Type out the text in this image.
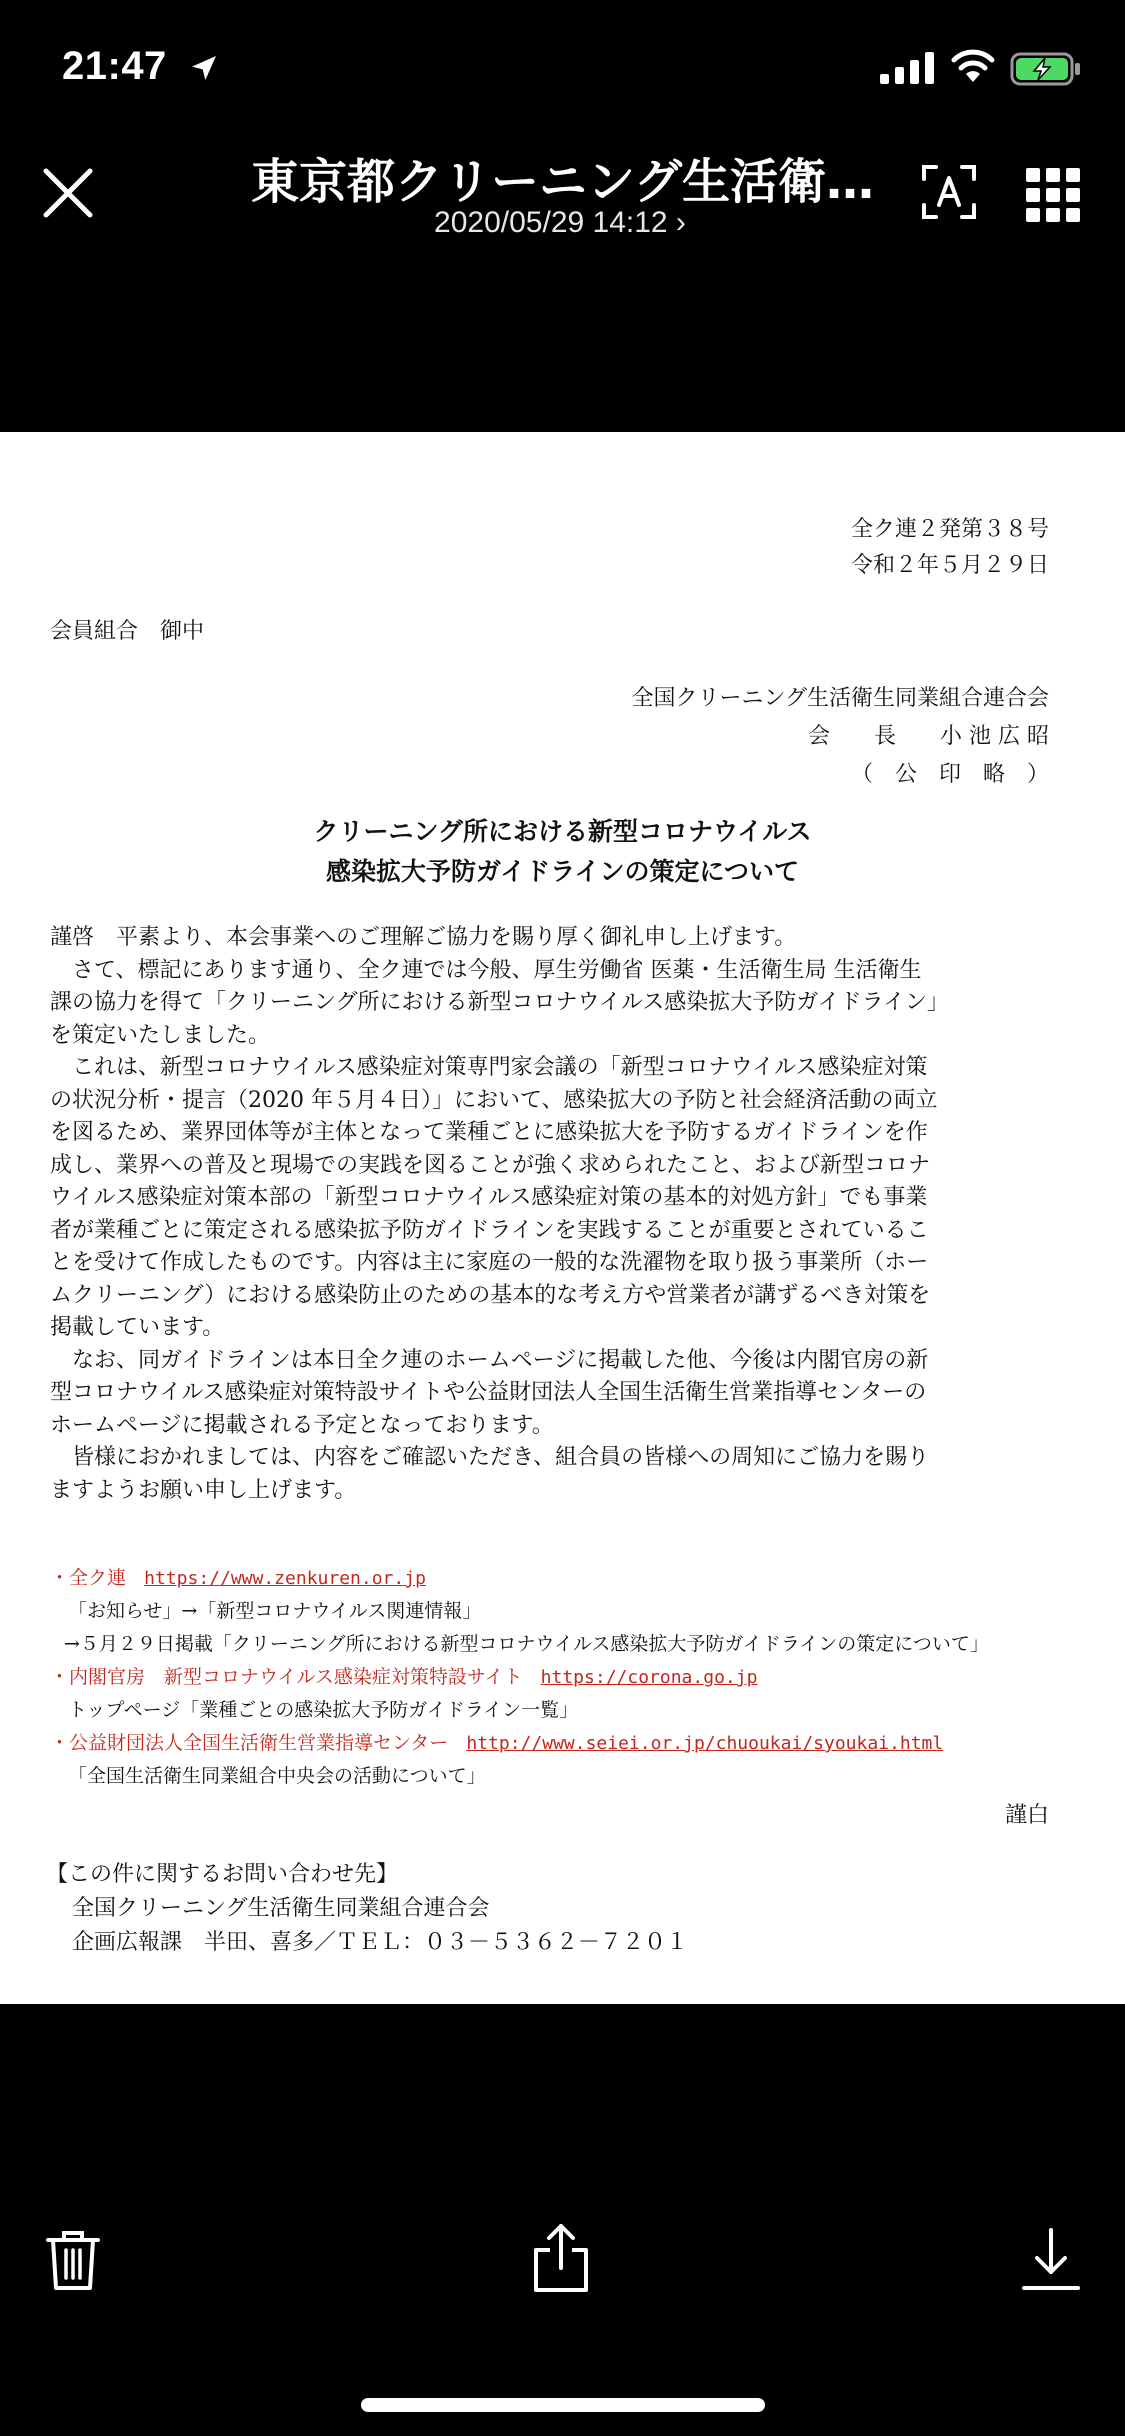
21:47
東京都クリーニング生活衛…
2020/05/29 14:12 ›
全ク連２発第３８号
令和２年５月２９日
会員組合　御中
全国クリーニング生活衛生同業組合連合会
会　　長　　小 池 広 昭
（　公　印　略　）
クリーニング所における新型コロナウイルス
感染拡大予防ガイドラインの策定について

謹啓　平素より、本会事業へのご理解ご協力を賜り厚く御礼申し上げます。

　さて、標記にあります通り、全ク連では今般、厚生労働省 医薬・生活衛生局 生活衛生

課の協力を得て「クリーニング所における新型コロナウイルス感染拡大予防ガイドライン」

を策定いたしました。

　これは、新型コロナウイルス感染症対策専門家会議の「新型コロナウイルス感染症対策

の状況分析・提言（2020 年５月４日）」において、感染拡大の予防と社会経済活動の両立

を図るため、業界団体等が主体となって業種ごとに感染拡大を予防するガイドラインを作

成し、業界への普及と現場での実践を図ることが強く求められたこと、および新型コロナ

ウイルス感染症対策本部の「新型コロナウイルス感染症対策の基本的対処方針」でも事業

者が業種ごとに策定される感染拡予防ガイドラインを実践することが重要とされているこ

とを受けて作成したものです。内容は主に家庭の一般的な洗濯物を取り扱う事業所（ホー

ムクリーニング）における感染防止のための基本的な考え方や営業者が講ずるべき対策を

掲載しています。

　なお、同ガイドラインは本日全ク連のホームページに掲載した他、今後は内閣官房の新

型コロナウイルス感染症対策特設サイトや公益財団法人全国生活衛生営業指導センターの

ホームページに掲載される予定となっております。

　皆様におかれましては、内容をご確認いただき、組合員の皆様への周知にご協力を賜り

ますようお願い申し上げます。

・全ク連 https://www.zenkuren.or.jp

「お知らせ」→「新型コロナウイルス関連情報」

→５月２９日掲載「クリーニング所における新型コロナウイルス感染拡大予防ガイドラインの策定について」

・内閣官房　新型コロナウイルス感染症対策特設サイト https://corona.go.jp

トップページ「業種ごとの感染拡大予防ガイドライン一覧」

・公益財団法人全国生活衛生営業指導センター http://www.seiei.or.jp/chuoukai/syoukai.html

「全国生活衛生同業組合中央会の活動について」

謹白
【この件に関するお問い合わせ先】
全国クリーニング生活衛生同業組合連合会
企画広報課　半田、喜多／ＴＥＬ：０３－５３６２－７２０１
